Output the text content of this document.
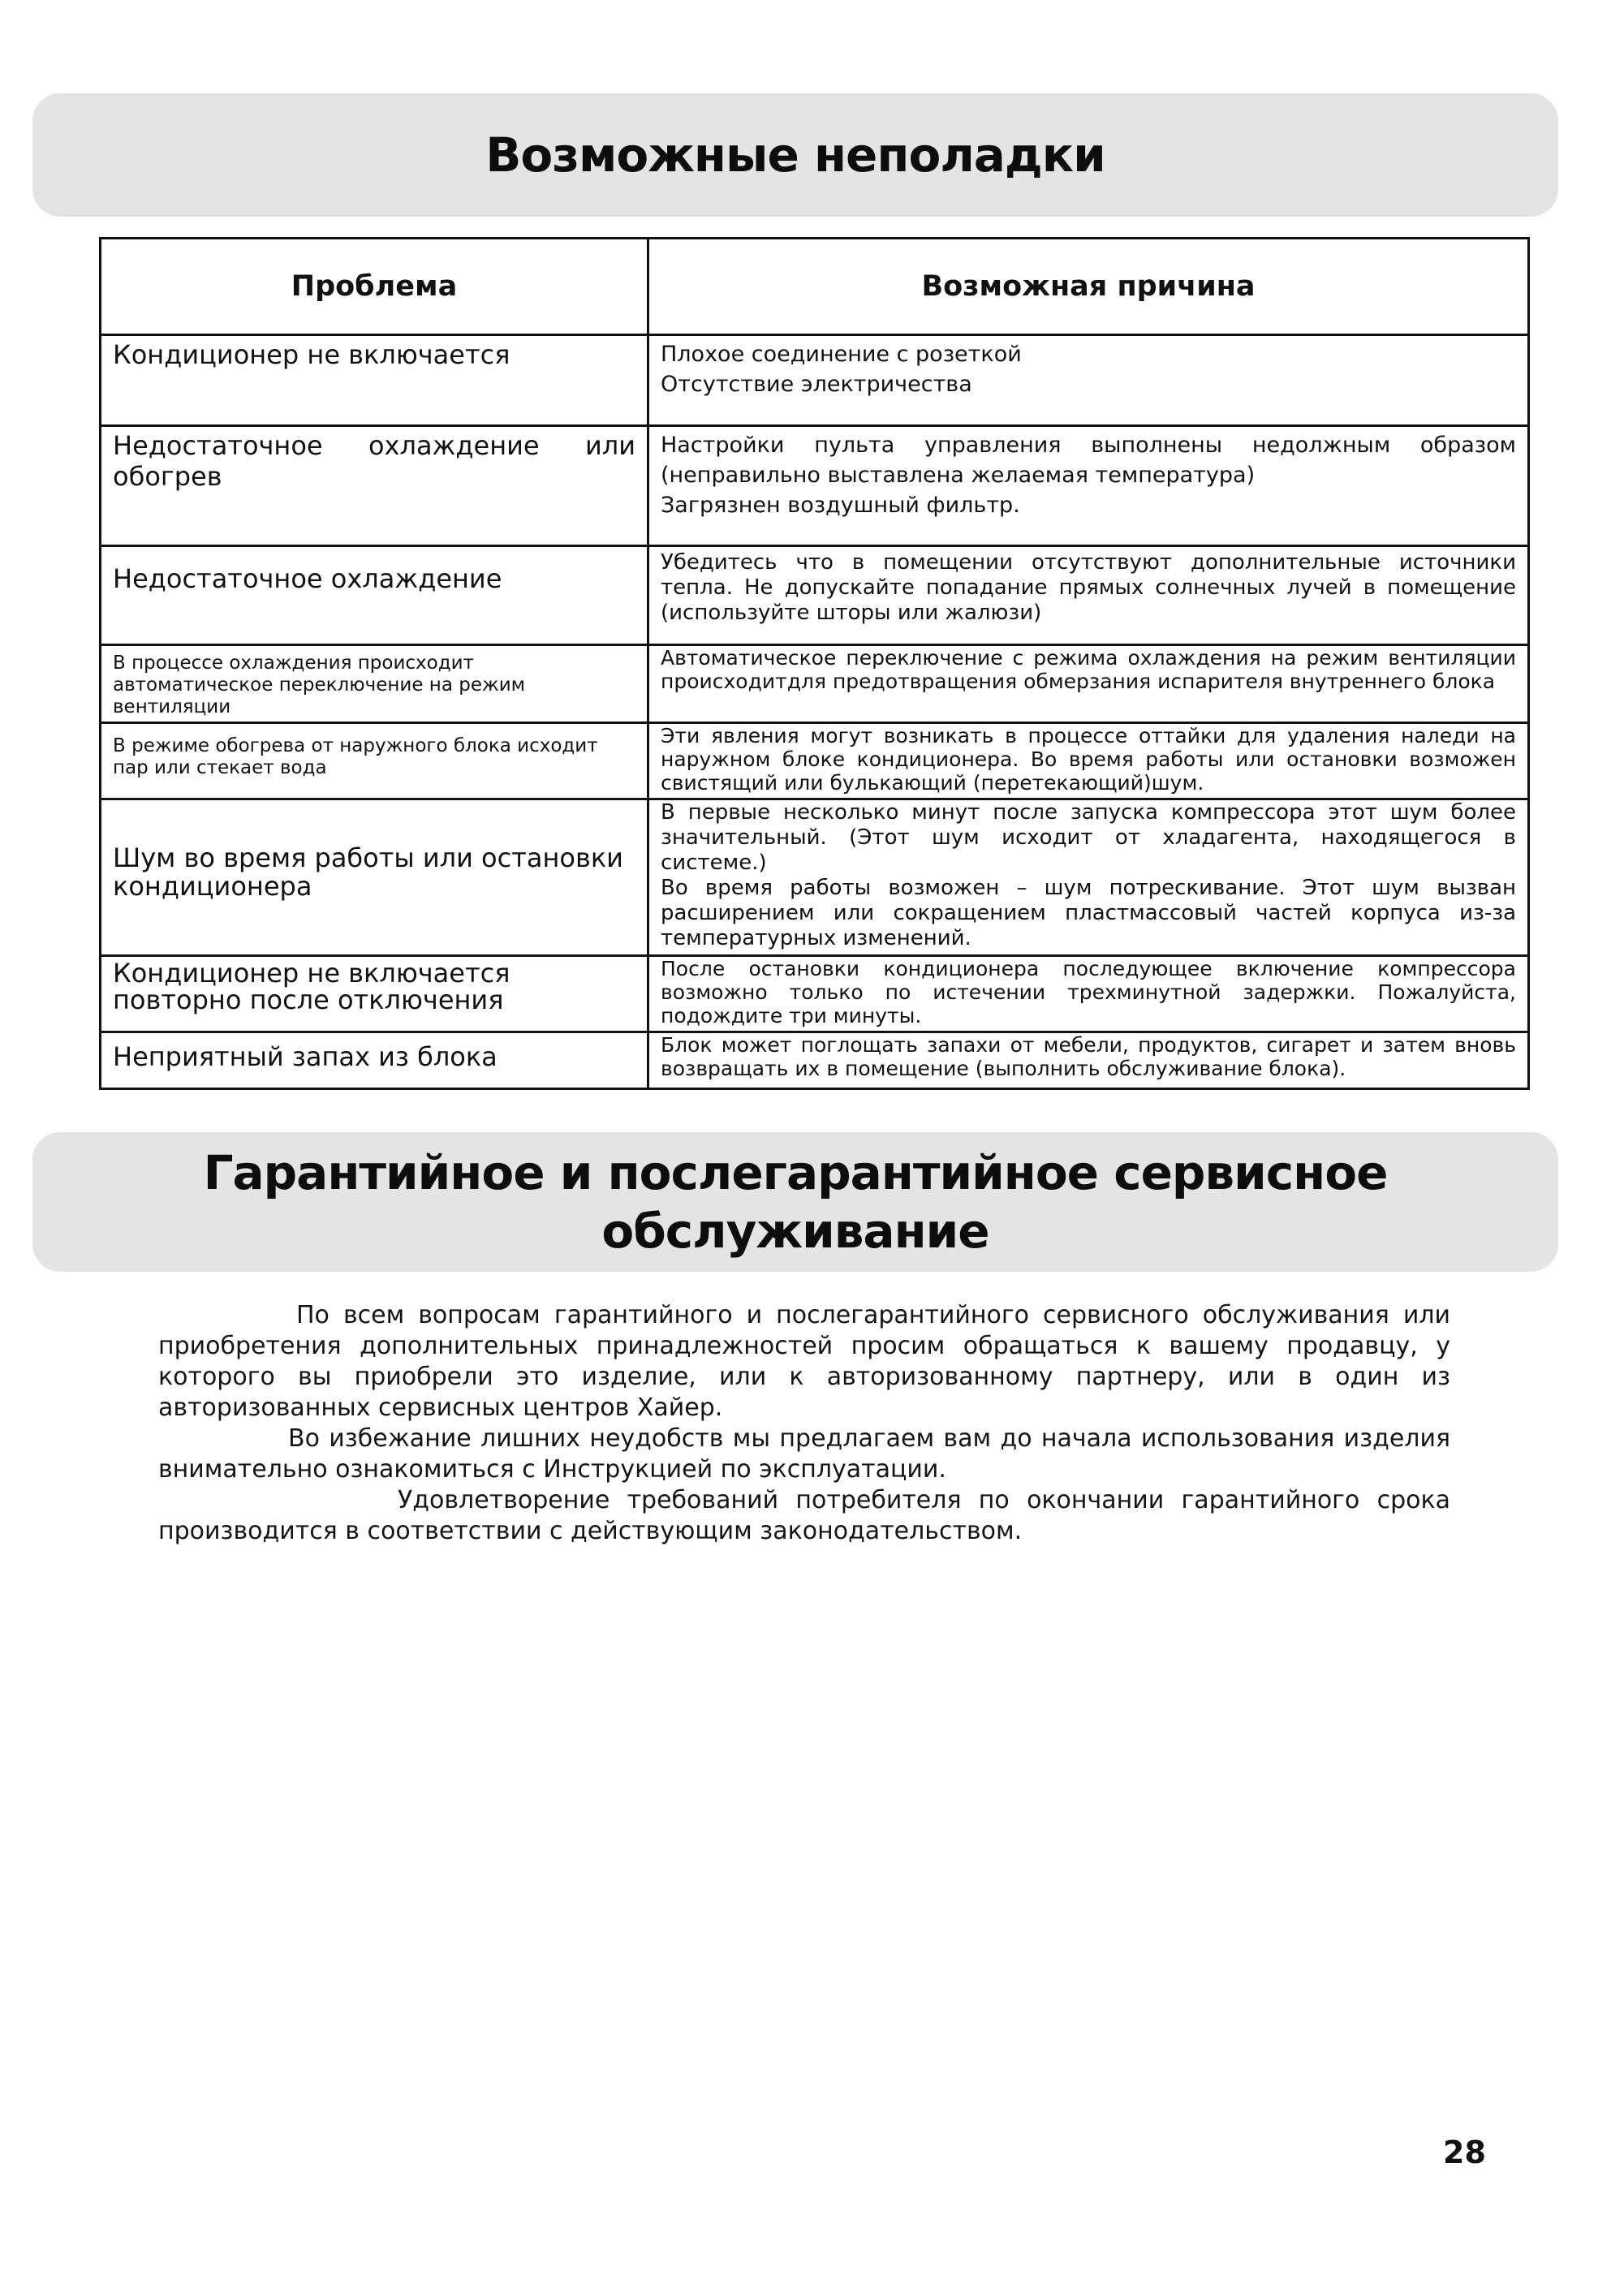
Возможные неполадки
Проблема	Возможная причина
Кондиционер не включается	Плохое соединение с розеткой
Отсутствие электричества

Недостаточное охлаждение или обогрев	Настройки пульта управления выполнены недолжным образом (неправильно выставлена желаемая температура)
Загрязнен воздушный фильтр.

Недостаточное охлаждение	Убедитесь что в помещении отсутствуют дополнительные источники тепла. Не допускайте попадание прямых солнечных лучей в помещение (используйте шторы или жалюзи)

В процессе охлаждения происходит автоматическое переключение на режим вентиляции	Автоматическое переключение с режима охлаждения на режим вентиляции происходитдля предотвращения обмерзания испарителя внутреннего блока

В режиме обогрева от наружного блока исходит пар или стекает вода	Эти явления могут возникать в процессе оттайки для удаления наледи на наружном блоке кондиционера. Во время работы или остановки возможен свистящий или булькающий (перетекающий)шум.

Шум во время работы или остановки кондиционера	В первые несколько минут после запуска компрессора этот шум более значительный. (Этот шум исходит от хладагента, находящегося в системе.)
Во время работы возможен – шум потрескивание. Этот шум вызван расширением или сокращением пластмассовый частей корпуса из-за температурных изменений.

Кондиционер не включается повторно после отключения	После остановки кондиционера последующее включение компрессора возможно только по истечении трехминутной задержки. Пожалуйста, подождите три минуты.

Неприятный запах из блока	Блок может поглощать запахи от мебели, продуктов, сигарет и затем вновь возвращать их в помещение (выполнить обслуживание блока).
Гарантийное и послегарантийное сервисное
обслуживание

По всем вопросам гарантийного и послегарантийного сервисного обслуживания или приобретения дополнительных принадлежностей просим обращаться к вашему продавцу, у которого вы приобрели это изделие, или к авторизованному партнеру, или в один из авторизованных сервисных центров Хайер.

Во избежание лишних неудобств мы предлагаем вам до начала использования изделия внимательно ознакомиться с Инструкцией по эксплуатации.

Удовлетворение требований потребителя по окончании гарантийного срока производится в соответствии с действующим законодательством.

28
